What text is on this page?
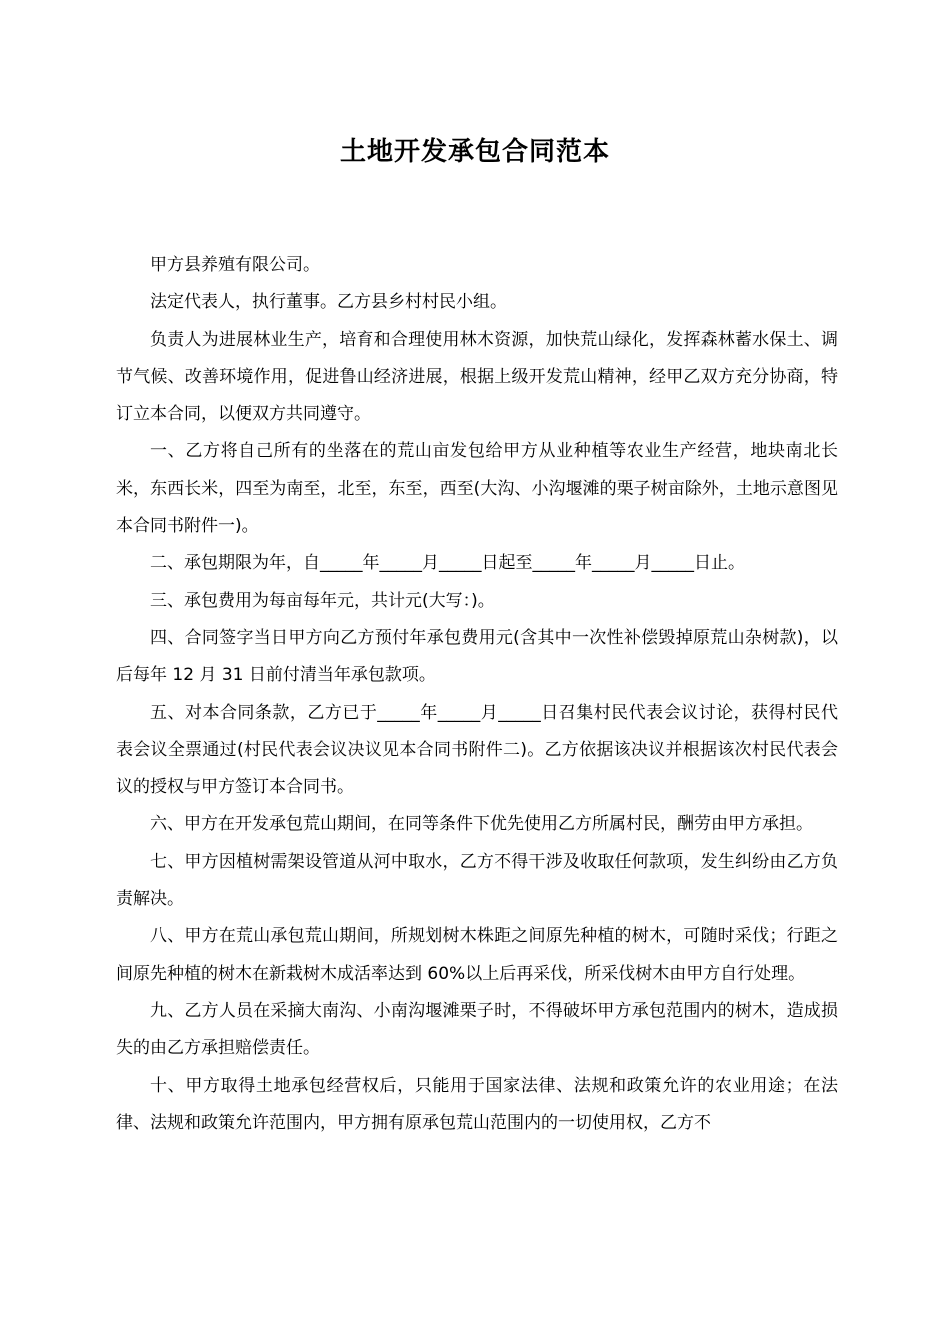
土地开发承包合同范本

甲方县养殖有限公司。

法定代表人，执行董事。乙方县乡村村民小组。

负责人为进展林业生产，培育和合理使用林木资源，加快荒山绿化，发挥森林蓄水保土、调节气候、改善环境作用，促进鲁山经济进展，根据上级开发荒山精神，经甲乙双方充分协商，特订立本合同，以便双方共同遵守。

一、乙方将自己所有的坐落在的荒山亩发包给甲方从业种植等农业生产经营，地块南北长米，东西长米，四至为南至，北至，东至，西至(大沟、小沟堰滩的栗子树亩除外，土地示意图见本合同书附件一)。

二、承包期限为年，自_____年_____月_____日起至_____年_____月_____日止。

三、承包费用为每亩每年元，共计元(大写：)。

四、合同签字当日甲方向乙方预付年承包费用元(含其中一次性补偿毁掉原荒山杂树款)，以后每年 12 月 31 日前付清当年承包款项。

五、对本合同条款，乙方已于_____年_____月_____日召集村民代表会议讨论，获得村民代表会议全票通过(村民代表会议决议见本合同书附件二)。乙方依据该决议并根据该次村民代表会议的授权与甲方签订本合同书。

六、甲方在开发承包荒山期间，在同等条件下优先使用乙方所属村民，酬劳由甲方承担。

七、甲方因植树需架设管道从河中取水，乙方不得干涉及收取任何款项，发生纠纷由乙方负责解决。

八、甲方在荒山承包荒山期间，所规划树木株距之间原先种植的树木，可随时采伐；行距之间原先种植的树木在新栽树木成活率达到 60%以上后再采伐，所采伐树木由甲方自行处理。

九、乙方人员在采摘大南沟、小南沟堰滩栗子时，不得破坏甲方承包范围内的树木，造成损失的由乙方承担赔偿责任。

十、甲方取得土地承包经营权后，只能用于国家法律、法规和政策允许的农业用途；在法律、法规和政策允许范围内，甲方拥有原承包荒山范围内的一切使用权，乙方不
